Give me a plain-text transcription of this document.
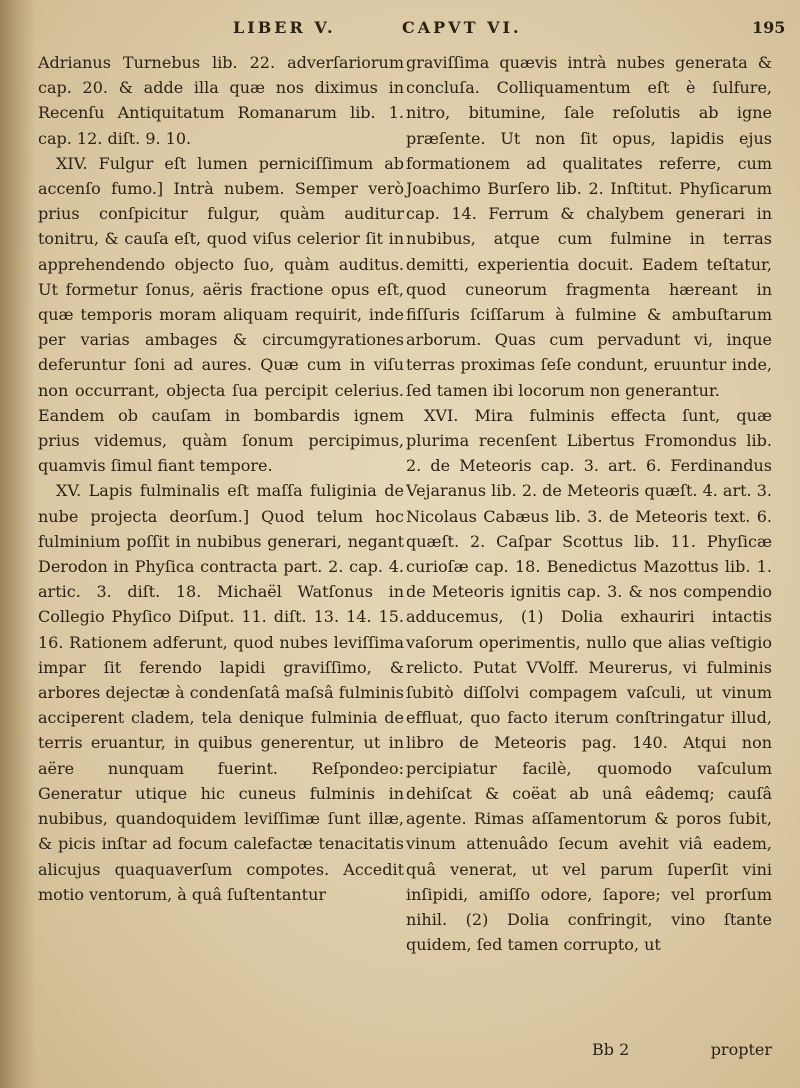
LIBER V.	CAPVT VI.	195

Adrianus Turnebus lib. 22. adverſariorum cap. 20. & adde illa quæ nos diximus in Recenſu Antiquitatum Romanarum lib. 1. cap. 12. diſt. 9. 10.

XIV. Fulgur eſt lumen perniciſſimum ab accenſo fumo.] Intrà nubem. Semper verò prius conſpicitur fulgur, quàm auditur tonitru, & cauſa eſt, quod viſus celerior ſit in apprehendendo objecto ſuo, quàm auditus. Ut formetur ſonus, aëris fractione opus eſt, quæ temporis moram aliquam requirit, inde per varias ambages & circumgyrationes deferuntur ſoni ad aures. Quæ cum in viſu non occurrant, objecta ſua percipit celerius. Eandem ob cauſam in bombardis ignem prius videmus, quàm ſonum percipimus, quamvis ſimul fiant tempore.

XV. Lapis fulminalis eſt maſſa fuliginia de nube projecta deorſum.] Quod telum hoc fulminium poſſit in nubibus generari, negant Derodon in Phyſica contracta part. 2. cap. 4. artic. 3. diſt. 18. Michaël Watſonus in Collegio Phyſico Diſput. 11. diſt. 13. 14. 15. 16. Rationem adferunt, quod nubes leviſſima impar ſit ferendo lapidi graviſſimo, & arbores dejectæ à condenſatâ maſsâ fulminis acciperent cladem, tela denique fulminia de terris eruantur, in quibus generentur, ut in aëre nunquam fuerint. Reſpondeo: Generatur utique hic cuneus fulminis in nubibus, quandoquidem leviſſimæ ſunt illæ, & picis inſtar ad focum calefactæ tenacitatis alicujus quaquaverſum compotes. Accedit motio ventorum, à quâ ſuſtentantur

graviſſima quævis intrà nubes generata & concluſa. Colliquamentum eſt è ſulfure, nitro, bitumine, ſale reſolutis ab igne præſente. Ut non ſit opus, lapidis ejus formationem ad qualitates referre, cum Joachimo Burſero lib. 2. Inſtitut. Phyſicarum cap. 14. Ferrum & chalybem generari in nubibus, atque cum fulmine in terras demitti, experientia docuit. Eadem teſtatur, quod cuneorum fragmenta hæreant in fiſſuris ſciſſarum à fulmine & ambuſtarum arborum. Quas cum pervadunt vi, inque terras proximas ſeſe condunt, eruuntur inde, ſed tamen ibi locorum non generantur.

XVI. Mira fulminis effecta ſunt, quæ plurima recenſent Libertus Fromondus lib. 2. de Meteoris cap. 3. art. 6. Ferdinandus Vejaranus lib. 2. de Meteoris quæſt. 4. art. 3. Nicolaus Cabæus lib. 3. de Meteoris text. 6. quæſt. 2. Caſpar Scottus lib. 11. Phyſicæ curioſæ cap. 18. Benedictus Mazottus lib. 1. de Meteoris ignitis cap. 3. & nos compendio adducemus, (1) Dolia exhauriri intactis vaſorum operimentis, nullo que alias veſtigio relicto. Putat VVolff. Meurerus, vi fulminis ſubitò diſſolvi compagem vaſculi, ut vinum effluat, quo facto iterum conſtringatur illud, libro de Meteoris pag. 140. Atqui non percipiatur facilè, quomodo vaſculum dehiſcat & coëat ab unâ eâdemq; cauſâ agente. Rimas aſſamentorum & poros ſubit, vinum attenuâdo ſecum avehit viâ eadem, quâ venerat, ut vel parum ſuperſit vini inſipidi, amiſſo odore, ſapore; vel prorſum nihil. (2) Dolia confringit, vino ſtante quidem, ſed tamen corrupto, ut

Bb 2	propter
